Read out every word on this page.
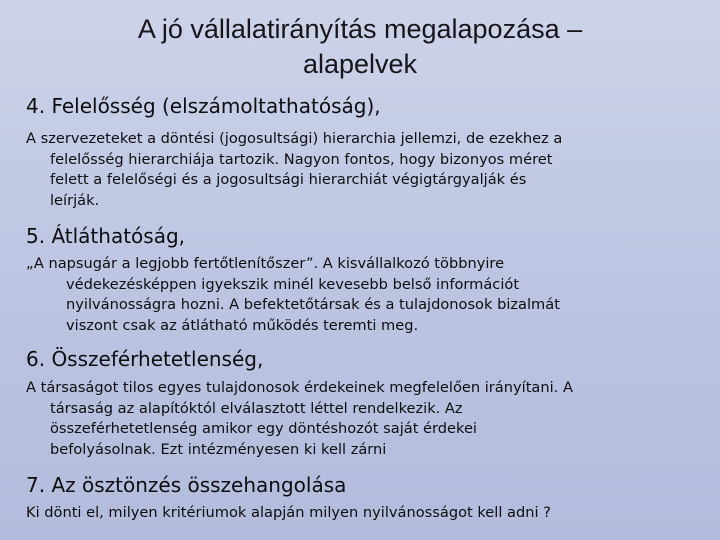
A jó vállalatirányítás megalapozása –
alapelvek
4. Felelősség (elszámoltathatóság),
A szervezeteket a döntési (jogosultsági) hierarchia jellemzi, de ezekhez a
felelősség hierarchiája tartozik. Nagyon fontos, hogy bizonyos méret
felett a felelőségi és a jogosultsági hierarchiát végigtárgyalják és
leírják.
5. Átláthatóság,
„A napsugár a legjobb fertőtlenítőszer”. A kisvállalkozó többnyire
védekezésképpen igyekszik minél kevesebb belső információt
nyilvánosságra hozni. A befektetőtársak és a tulajdonosok bizalmát
viszont csak az átlátható működés teremti meg.
6. Összeférhetetlenség,
A társaságot tilos egyes tulajdonosok érdekeinek megfelelően irányítani. A
társaság az alapítóktól elválasztott léttel rendelkezik. Az
összeférhetetlenség amikor egy döntéshozót saját érdekei
befolyásolnak. Ezt intézményesen ki kell zárni
7. Az ösztönzés összehangolása
Ki dönti el, milyen kritériumok alapján milyen nyilvánosságot kell adni ?
